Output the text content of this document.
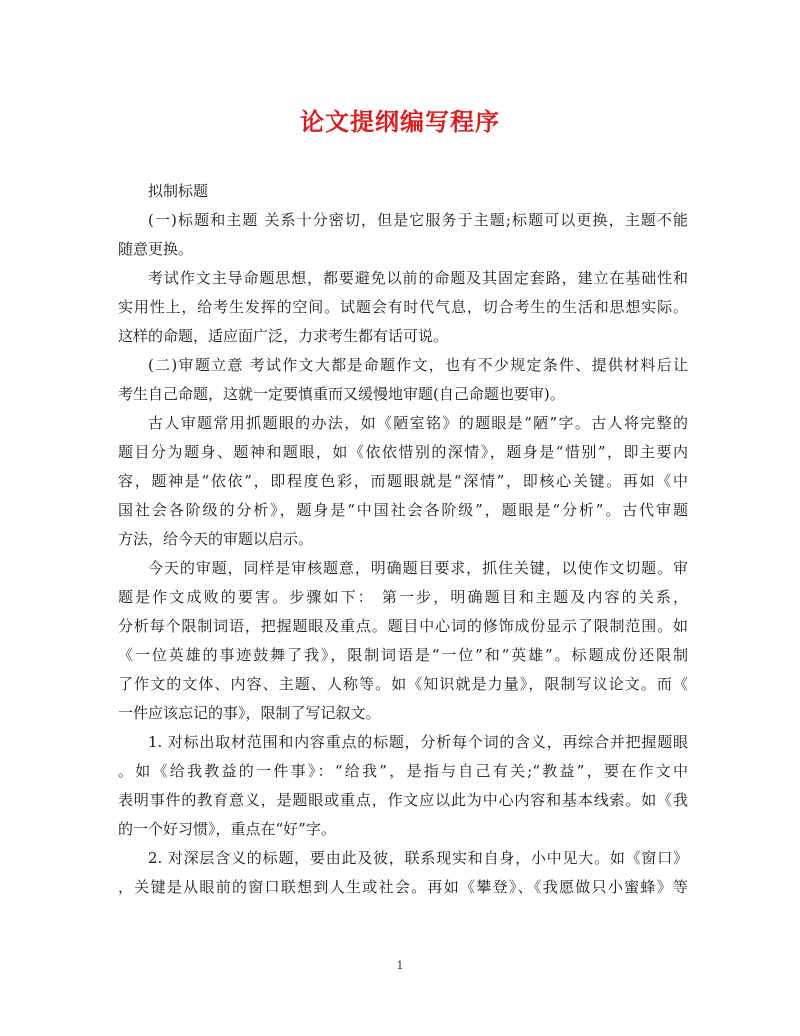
论文提纲编写程序
拟制标题
(一)标题和主题 关系十分密切，但是它服务于主题;标题可以更换，主题不能
随意更换。
考试作文主导命题思想，都要避免以前的命题及其固定套路，建立在基础性和
实用性上，给考生发挥的空间。试题会有时代气息，切合考生的生活和思想实际。
这样的命题，适应面广泛，力求考生都有话可说。
(二)审题立意 考试作文大都是命题作文，也有不少规定条件、提供材料后让
考生自己命题，这就一定要慎重而又缓慢地审题(自己命题也要审)。
古人审题常用抓题眼的办法，如《陋室铭》的题眼是“陋”字。古人将完整的
题目分为题身、题神和题眼，如《依依惜别的深情》，题身是“惜别”，即主要内
容，题神是“依依”，即程度色彩，而题眼就是“深情”，即核心关键。再如《中
国社会各阶级的分析》，题身是“中国社会各阶级”，题眼是“分析”。古代审题
方法，给今天的审题以启示。
今天的审题，同样是审核题意，明确题目要求，抓住关键，以使作文切题。审
题是作文成败的要害。步骤如下： 第一步，明确题目和主题及内容的关系，
分析每个限制词语，把握题眼及重点。题目中心词的修饰成份显示了限制范围。如
《一位英雄的事迹鼓舞了我》，限制词语是“一位”和“英雄”。标题成份还限制
了作文的文体、内容、主题、人称等。如《知识就是力量》，限制写议论文。而《
一件应该忘记的事》，限制了写记叙文。
1. 对标出取材范围和内容重点的标题，分析每个词的含义，再综合并把握题眼
。如《给我教益的一件事》：“给我”，是指与自己有关;“教益”，要在作文中
表明事件的教育意义，是题眼或重点，作文应以此为中心内容和基本线索。如《我
的一个好习惯》，重点在“好”字。
2. 对深层含义的标题，要由此及彼，联系现实和自身，小中见大。如《窗口》
，关键是从眼前的窗口联想到人生或社会。再如《攀登》、《我愿做只小蜜蜂》等
1
